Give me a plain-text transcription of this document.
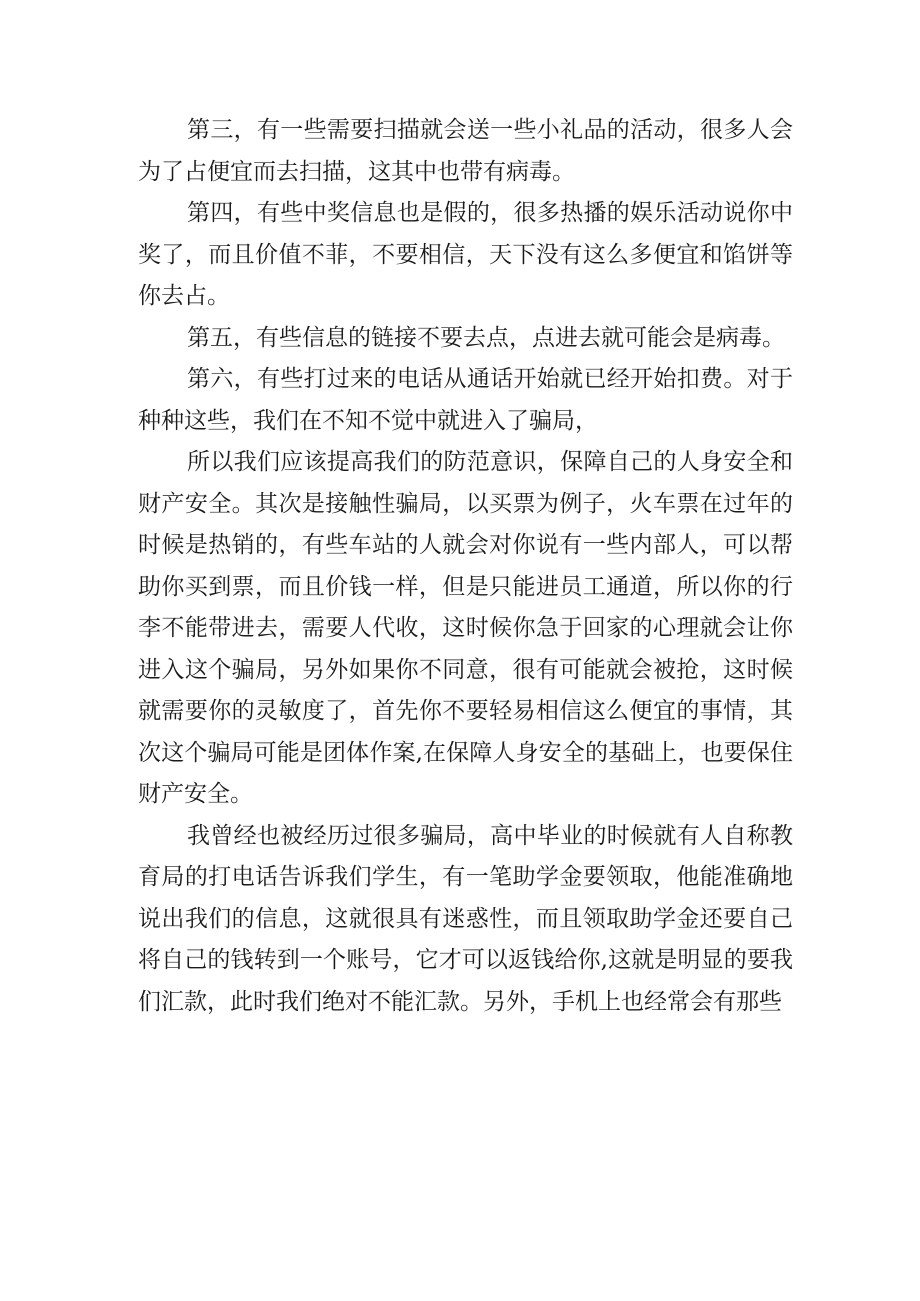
第三，有一些需要扫描就会送一些小礼品的活动，很多人会为了占便宜而去扫描，这其中也带有病毒。

第四，有些中奖信息也是假的，很多热播的娱乐活动说你中奖了，而且价值不菲，不要相信，天下没有这么多便宜和馅饼等你去占。

第五，有些信息的链接不要去点，点进去就可能会是病毒。

第六，有些打过来的电话从通话开始就已经开始扣费。对于种种这些，我们在不知不觉中就进入了骗局，

所以我们应该提高我们的防范意识，保障自己的人身安全和财产安全。其次是接触性骗局，以买票为例子，火车票在过年的时候是热销的，有些车站的人就会对你说有一些内部人，可以帮助你买到票，而且价钱一样，但是只能进员工通道，所以你的行李不能带进去，需要人代收，这时候你急于回家的心理就会让你进入这个骗局，另外如果你不同意，很有可能就会被抢，这时候就需要你的灵敏度了，首先你不要轻易相信这么便宜的事情，其次这个骗局可能是团体作案,在保障人身安全的基础上，也要保住财产安全。

我曾经也被经历过很多骗局，高中毕业的时候就有人自称教育局的打电话告诉我们学生，有一笔助学金要领取，他能准确地说出我们的信息，这就很具有迷惑性，而且领取助学金还要自己将自己的钱转到一个账号，它才可以返钱给你,这就是明显的要我们汇款，此时我们绝对不能汇款。另外，手机上也经常会有那些
